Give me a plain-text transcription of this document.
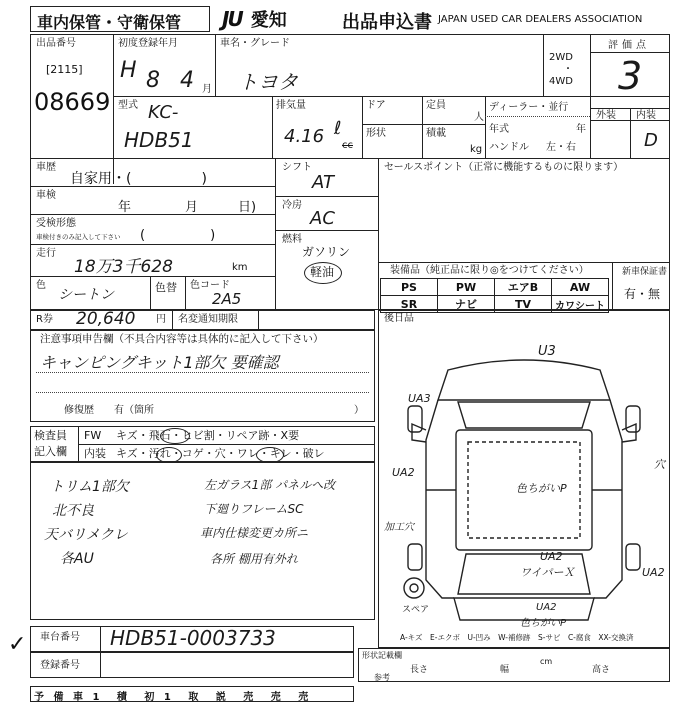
車内保管・守衛保管 JU 愛知	出品申込書 JAPAN USED CAR DEALERS ASSOCIATION
出品番号
[2115]
08669
初度登録年月
H 8 4 月
車名・グレード
トヨタ
2WD
・
4WD
評価点
3
型式 KC-
HDB51
排気量
4.16 ℓ
cc
ドア	定員
人
形状	積載
kg
ディーラー・並行
年式	年
ハンドル 左・右
外装 内装
D
車歴
自家用・(　　　　　)
車検
年	月	日)
受検形態
車検付きのみ記入して下さい (　　　　　)
走行
18万3千628	km
色
シートン	色替 色コード
2A5
シフト
AT
冷房
AC
燃料
ガソリン
軽油
セールスポイント（正常に機能するものに限ります）
装備品（純正品に限り◎をつけてください）
PS	PW	エアB	AW
SR	ナビ	TV	カワシート
新車保証書
有・無
R券 20,640 円 名変通知期限
注意事項申告欄（不具合内容等は具体的に記入して下さい）
キャンピングキット1部欠 要確認
修復歴 有（箇所	）
後日品
検査員
記入欄
FW キズ・飛石・ヒビ割・リペア跡・X要
内装 キズ・汚れ・コゲ・穴・ワレ・キレ・破レ
トリム1部欠
北不良
天バリメクレ
各AU
左ガラス1部 パネルへ改
下廻りフレームSC
車内仕様変更カ所ニ
各所 棚用有外れ
U3
UA3
UA2
加工穴
色ちがいP
穴
UA2
ワイパーＸ	UA2
UA2
色ちがいP
スペア
A-キズ　E-エクボ　U-凹み　W-補修跡　S-サビ　C-腐食　XX-交換済
✓ 車台番号 HDB51-0003733
登録番号
形状記載欄
長さ	幅	高さ
参考
cm
予 備 車 1 積 初 1 取 説 売 売 売
